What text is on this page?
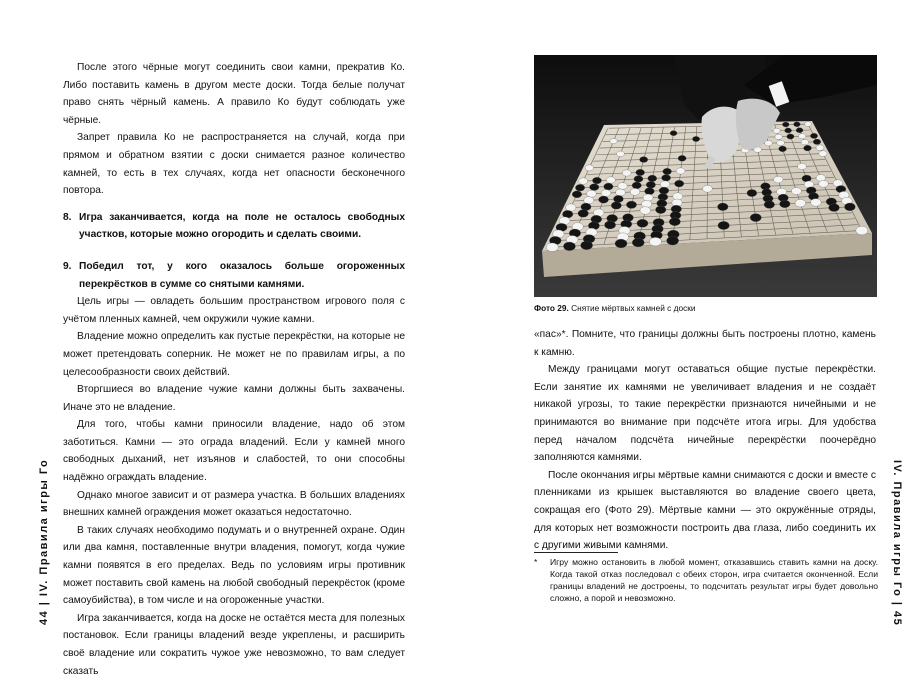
44 | IV. Правила игры Го

После этого чёрные могут соединить свои камни, прекратив Ко. Либо поставить камень в другом месте доски. Тогда белые получат право снять чёрный камень. А правило Ко будут соблюдать уже чёрные.

Запрет правила Ко не распространяется на случай, когда при прямом и обратном взятии с доски снимается разное количество камней, то есть в тех случаях, когда нет опасности бесконечного повтора.

8. Игра заканчивается, когда на поле не осталось свободных участков, которые можно огородить и сделать своими.

9. Победил тот, у кого оказалось больше огороженных перекрёстков в сумме со снятыми камнями.

Цель игры — овладеть большим пространством игрового поля с учётом пленных камней, чем окружили чужие камни.

Владение можно определить как пустые перекрёстки, на которые не может претендовать соперник. Не может не по правилам игры, а по целесообразности своих действий.

Вторгшиеся во владение чужие камни должны быть захвачены. Иначе это не владение.

Для того, чтобы камни приносили владение, надо об этом заботиться. Камни — это ограда владений. Если у камней много свободных дыханий, нет изъянов и слабостей, то они способны надёжно ограждать владение.

Однако многое зависит и от размера участка. В больших владениях внешних камней ограждения может оказаться недостаточно.

В таких случаях необходимо подумать и о внутренней охране. Один или два камня, поставленные внутри владения, помогут, когда чужие камни появятся в его пределах. Ведь по условиям игры противник может поставить свой камень на любой свободный перекрёсток (кроме самоубийства), в том числе и на огороженные участки.

Игра заканчивается, когда на доске не остаётся места для полезных постановок. Если границы владений везде укреплены, и расширить своё владение или сократить чужое уже невозможно, то вам следует сказать

IV. Правила игры Го | 45
Фото 29. Снятие мёртвых камней с доски

«пас»*. Помните, что границы должны быть построены плотно, камень к камню.

Между границами могут оставаться общие пустые перекрёстки. Если занятие их камнями не увеличивает владения и не создаёт никакой угрозы, то такие перекрёстки признаются ничейными и не принимаются во внимание при подсчёте итога игры. Для удобства перед началом подсчёта ничейные перекрёстки поочерёдно заполняются камнями.

После окончания игры мёртвые камни снимаются с доски и вместе с пленниками из крышек выставляются во владение своего цвета, сокращая его (Фото 29). Мёртвые камни — это окружённые отряды, для которых нет возможности построить два глаза, либо соединить их с другими живыми камнями.

* Игру можно остановить в любой момент, отказавшись ставить камни на доску. Когда такой отказ последовал с обеих сторон, игра считается оконченной. Если границы владений не достроены, то подсчитать результат игры будет довольно сложно, а порой и невозможно.
